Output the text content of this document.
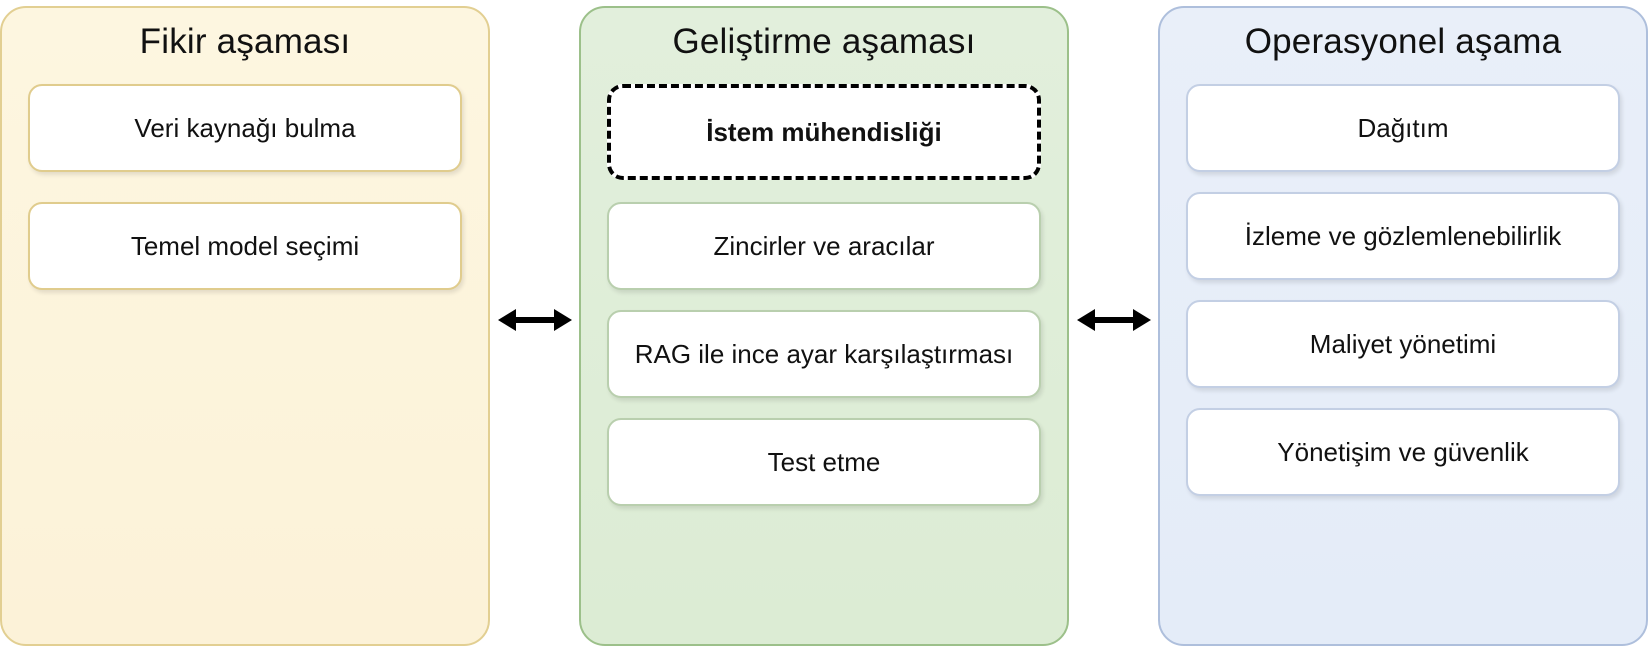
Fikir aşaması
Veri kaynağı bulma
Temel model seçimi
Geliştirme aşaması
İstem mühendisliği
Zincirler ve aracılar
RAG ile ince ayar karşılaştırması
Test etme
Operasyonel aşama
Dağıtım
İzleme ve gözlemlenebilirlik
Maliyet yönetimi
Yönetişim ve güvenlik
